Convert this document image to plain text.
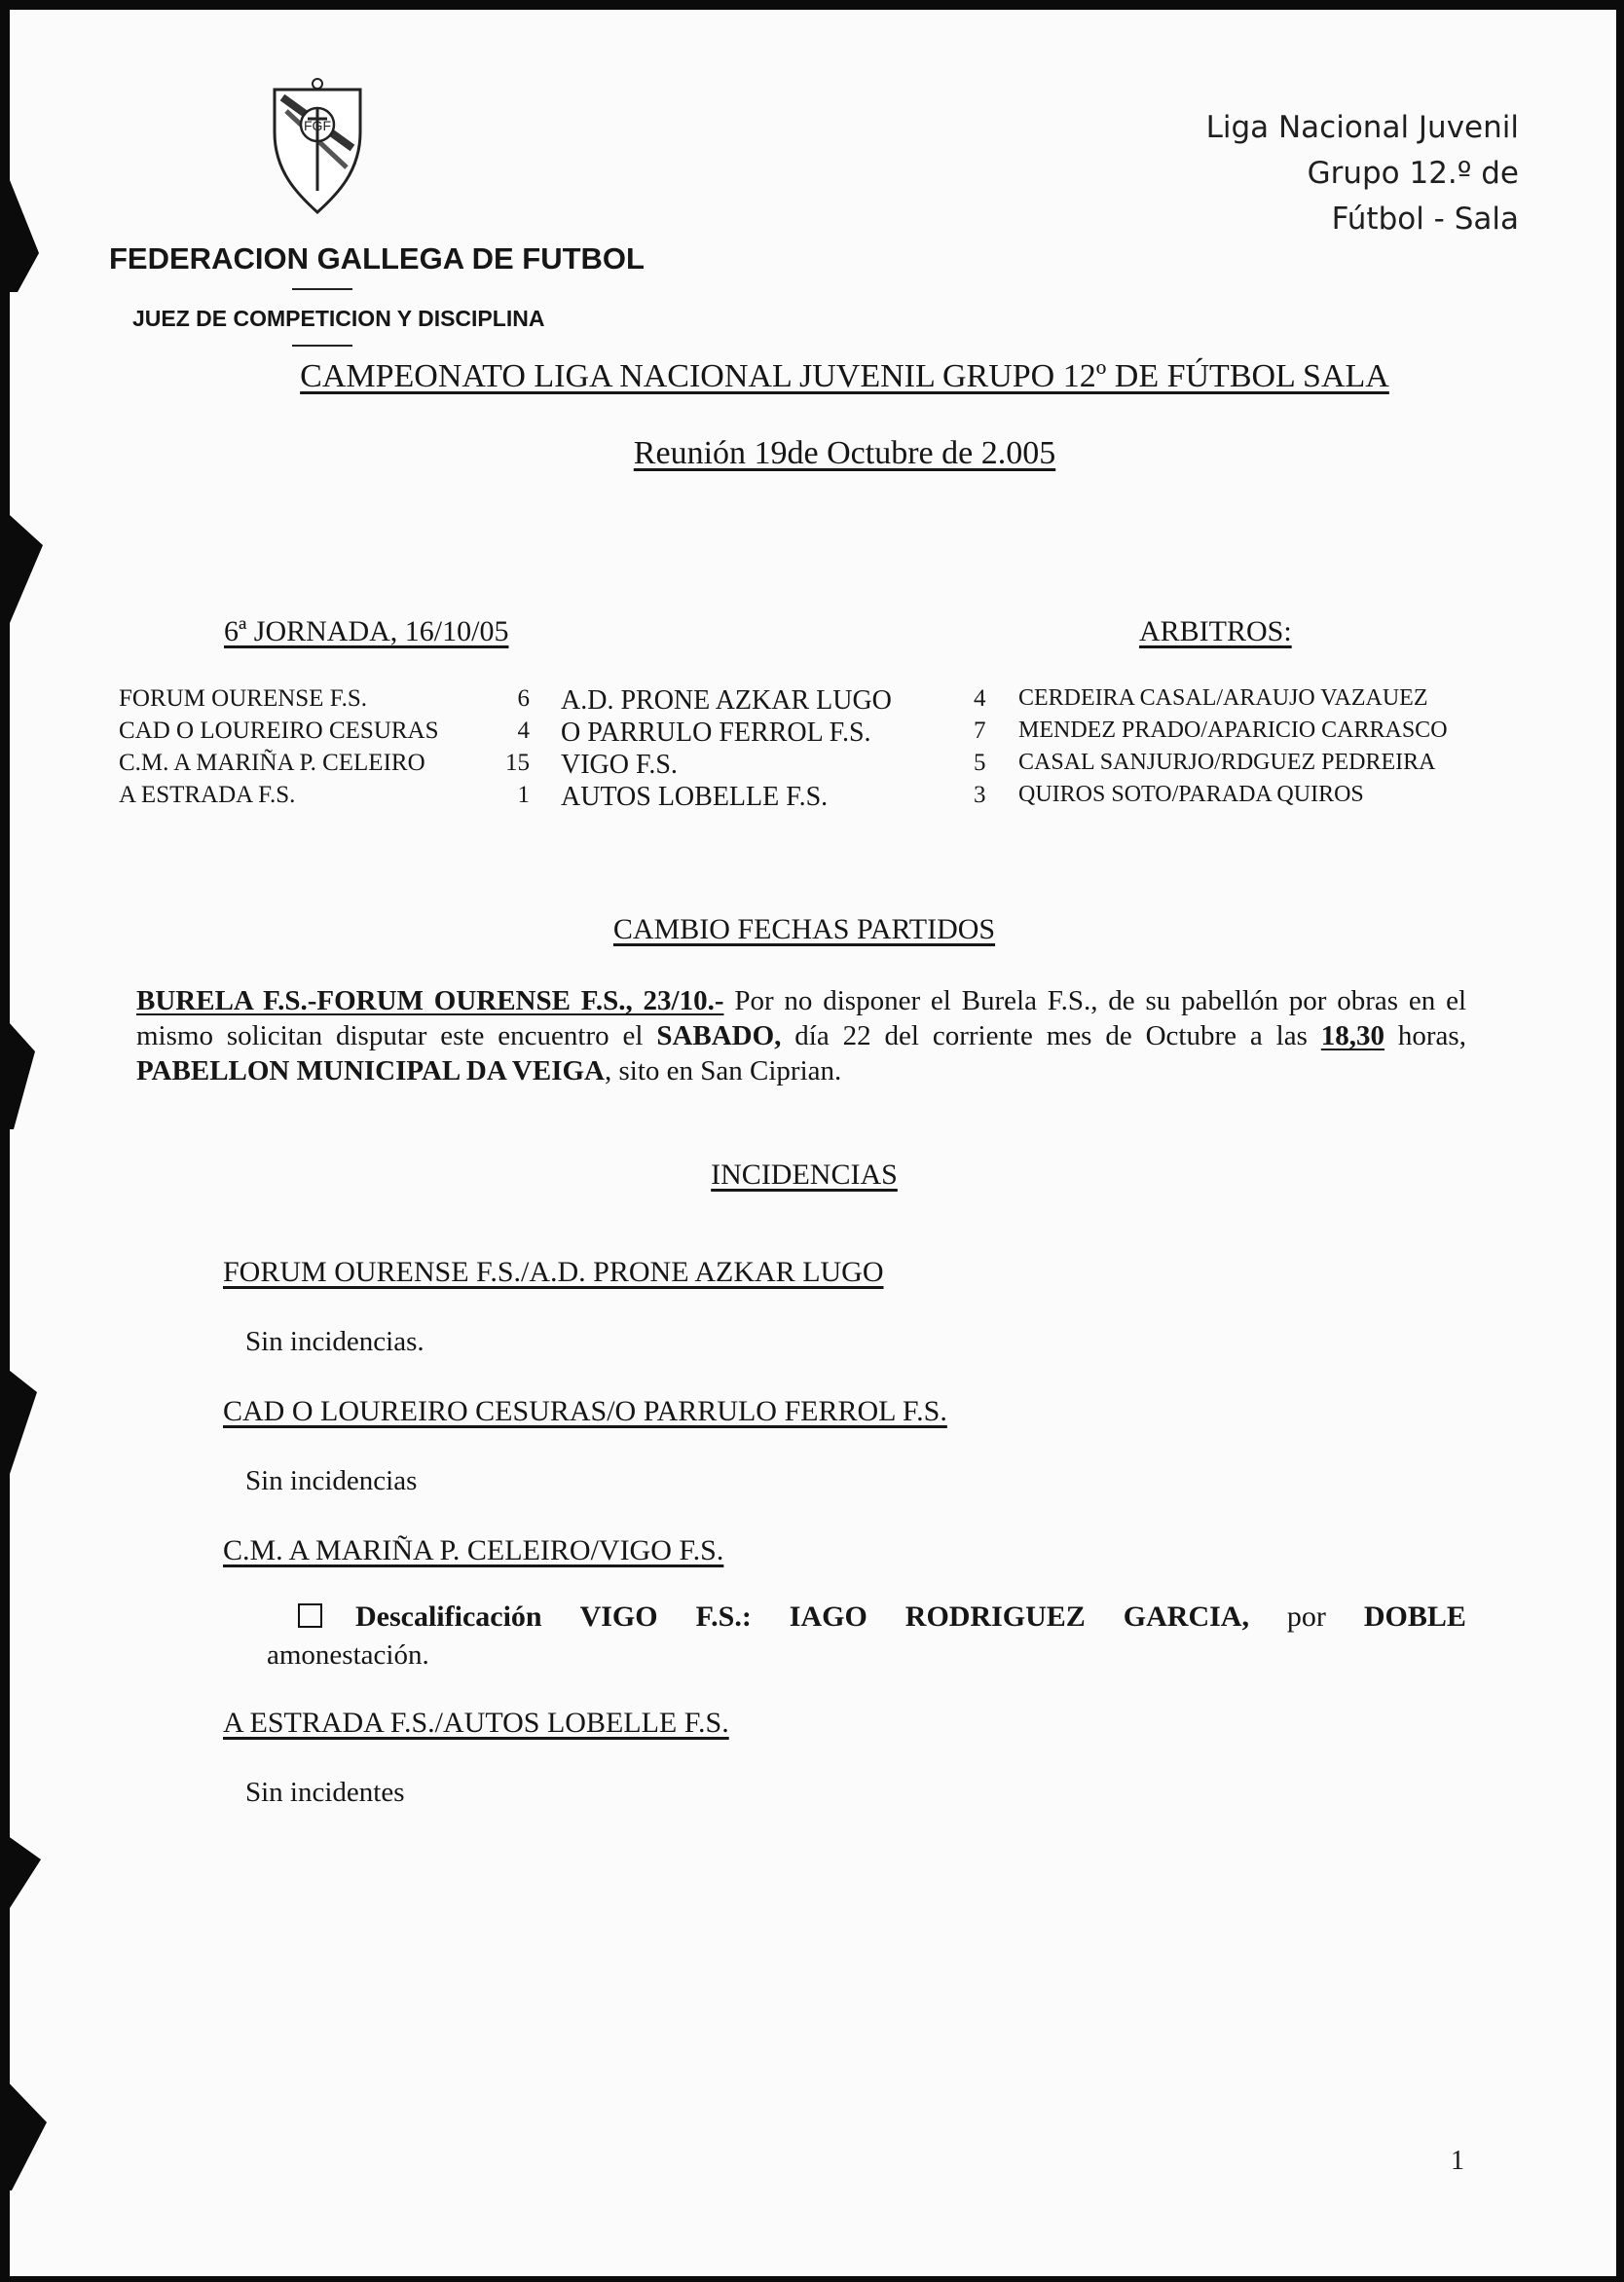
FGF
FEDERACION GALLEGA DE FUTBOL
JUEZ DE COMPETICION Y DISCIPLINA
Liga Nacional Juvenil
Grupo 12.º de
Fútbol - Sala
CAMPEONATO LIGA NACIONAL JUVENIL GRUPO 12º DE FÚTBOL SALA
Reunión 19de Octubre de 2.005
6ª JORNADA, 16/10/05	ARBITROS:
FORUM OURENSE F.S.	6 A.D. PRONE AZKAR LUGO	4 CERDEIRA CASAL/ARAUJO VAZAUEZ
CAD O LOUREIRO CESURAS	4 O PARRULO FERROL F.S.	7 MENDEZ PRADO/APARICIO CARRASCO
C.M. A MARIÑA P. CELEIRO	15 VIGO F.S.	5 CASAL SANJURJO/RDGUEZ PEDREIRA
A ESTRADA F.S.	1 AUTOS LOBELLE F.S.	3 QUIROS SOTO/PARADA QUIROS
CAMBIO FECHAS PARTIDOS
BURELA F.S.-FORUM OURENSE F.S., 23/10.- Por no disponer el Burela F.S., de su pabellón por obras en el mismo solicitan disputar este encuentro el SABADO, día 22 del corriente mes de Octubre a las 18,30 horas, PABELLON MUNICIPAL DA VEIGA, sito en San Ciprian.
INCIDENCIAS
FORUM OURENSE F.S./A.D. PRONE AZKAR LUGO
Sin incidencias.
CAD O LOUREIRO CESURAS/O PARRULO FERROL F.S.
Sin incidencias
C.M. A MARIÑA P. CELEIRO/VIGO F.S.
Descalificación VIGO F.S.: IAGO RODRIGUEZ GARCIA, por DOBLE
amonestación.
A ESTRADA F.S./AUTOS LOBELLE F.S.
Sin incidentes
1
